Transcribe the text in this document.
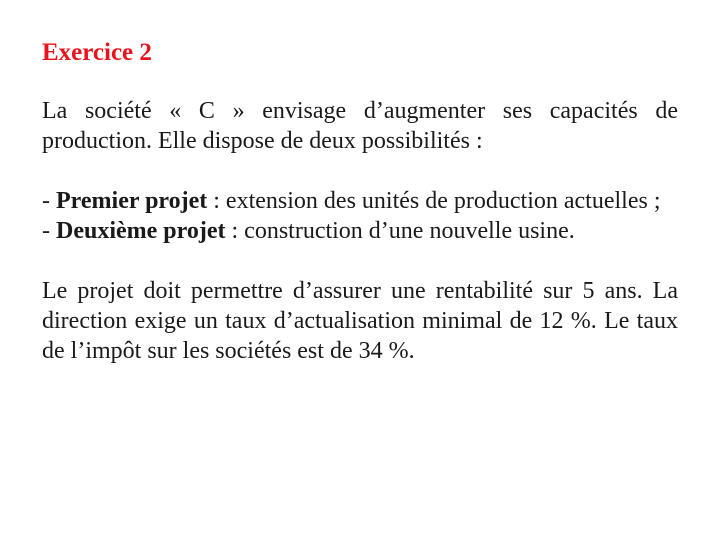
Exercice 2

La société « C » envisage d’augmenter ses capacités de production. Elle dispose de deux possibilités :

- Premier projet : extension des unités de production actuelles ;
- Deuxième projet : construction d’une nouvelle usine.

Le projet doit permettre d’assurer une rentabilité sur 5 ans. La direction exige un taux d’actualisation minimal de 12 %. Le taux de l’impôt sur les sociétés est de 34 %.
